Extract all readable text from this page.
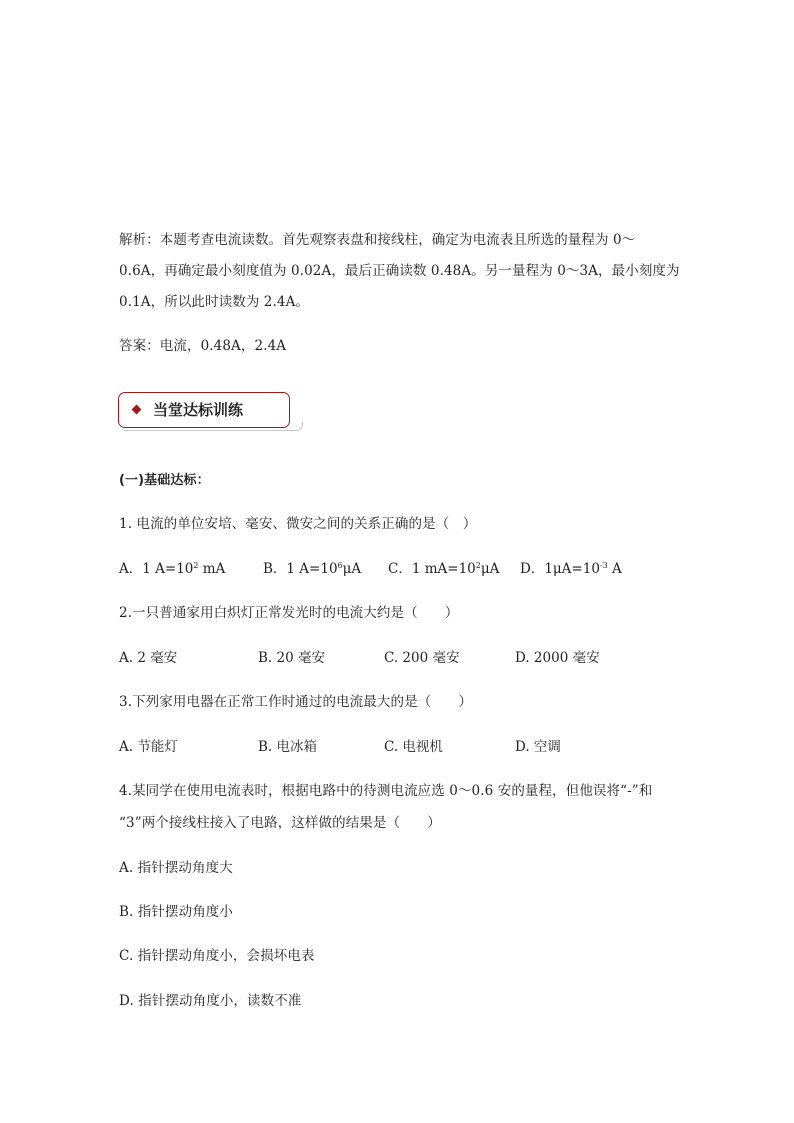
解析：本题考查电流读数。首先观察表盘和接线柱，确定为电流表且所选的量程为 0～
0.6A，再确定最小刻度值为 0.02A，最后正确读数 0.48A。另一量程为 0～3A，最小刻度为
0.1A，所以此时读数为 2.4A。
答案：电流，0.48A，2.4A
当堂达标训练
(一)基础达标：
1. 电流的单位安培、毫安、微安之间的关系正确的是（　）
A．1 $A=10^2$ mA	B．1 $A=10^6\mu A$ C．1 $mA=10^2\mu A$ D．$1\mu A=10^{-3}$ A
2.一只普通家用白炽灯正常发光时的电流大约是（　　）
A. 2 毫安	B. 20 毫安	C. 200 毫安	D. 2000 毫安
3.下列家用电器在正常工作时通过的电流最大的是（　　）
A. 节能灯	B. 电冰箱	C. 电视机	D. 空调
4.某同学在使用电流表时，根据电路中的待测电流应选 0～0.6 安的量程，但他误将“-”和
“3”两个接线柱接入了电路，这样做的结果是（　　）
A. 指针摆动角度大
B. 指针摆动角度小
C. 指针摆动角度小，会损坏电表
D. 指针摆动角度小，读数不准
